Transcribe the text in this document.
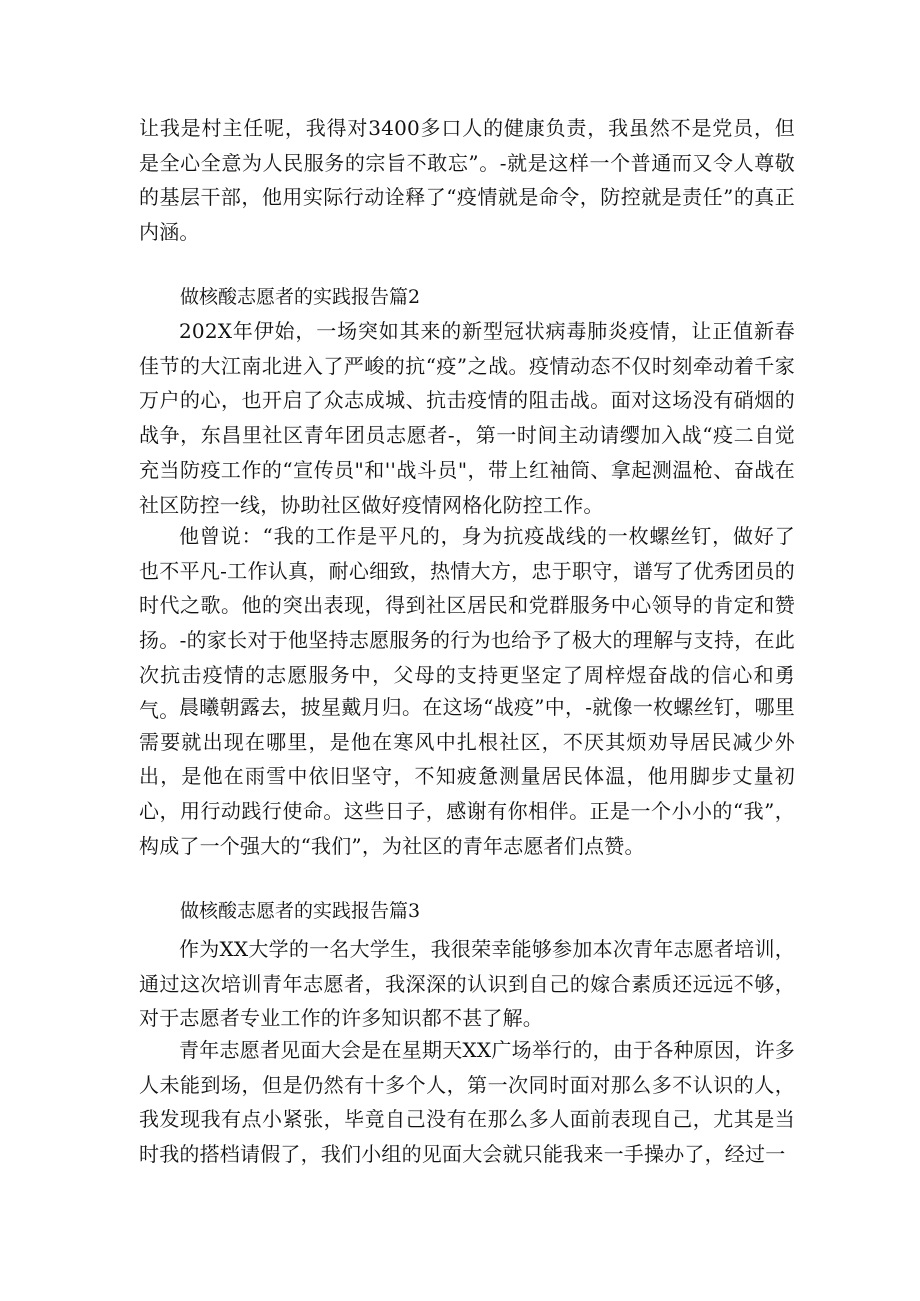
让我是村主任呢，我得对3400多口人的健康负责，我虽然不是党员，但是全心全意为人民服务的宗旨不敢忘”。-就是这样一个普通而又令人尊敬的基层干部，他用实际行动诠释了“疫情就是命令，防控就是责任”的真正内涵。

做核酸志愿者的实践报告篇2

202X年伊始，一场突如其来的新型冠状病毒肺炎疫情，让正值新春佳节的大江南北进入了严峻的抗“疫”之战。疫情动态不仅时刻牵动着千家万户的心，也开启了众志成城、抗击疫情的阻击战。面对这场没有硝烟的战争，东昌里社区青年团员志愿者-，第一时间主动请缨加入战“疫二自觉充当防疫工作的“宣传员"和''战斗员"，带上红袖筒、拿起测温枪、奋战在社区防控一线，协助社区做好疫情网格化防控工作。

他曾说：“我的工作是平凡的，身为抗疫战线的一枚螺丝钉，做好了也不平凡-工作认真，耐心细致，热情大方，忠于职守，谱写了优秀团员的时代之歌。他的突出表现，得到社区居民和党群服务中心领导的肯定和赞扬。-的家长对于他坚持志愿服务的行为也给予了极大的理解与支持，在此次抗击疫情的志愿服务中，父母的支持更坚定了周梓煜奋战的信心和勇气。 晨曦朝露去，披星戴月归。在这场“战疫”中，-就像一枚螺丝钉，哪里需要就出现在哪里，是他在寒风中扎根社区，不厌其烦劝导居民减少外出，是他在雨雪中依旧坚守，不知疲惫测量居民体温，他用脚步丈量初心，用行动践行使命。这些日子，感谢有你相伴。正是一个小小的“我”，构成了一个强大的“我们”，为社区的青年志愿者们点赞。

做核酸志愿者的实践报告篇3

作为XX大学的一名大学生，我很荣幸能够参加本次青年志愿者培训，通过这次培训青年志愿者，我深深的认识到自己的嫁合素质还远远不够，对于志愿者专业工作的许多知识都不甚了解。

青年志愿者见面大会是在星期天XX广场举行的，由于各种原因，许多人未能到场，但是仍然有十多个人，第一次同时面对那么多不认识的人，我发现我有点小紧张，毕竟自己没有在那么多人面前表现自己，尤其是当时我的搭档请假了，我们小组的见面大会就只能我来一手操办了，经过一
